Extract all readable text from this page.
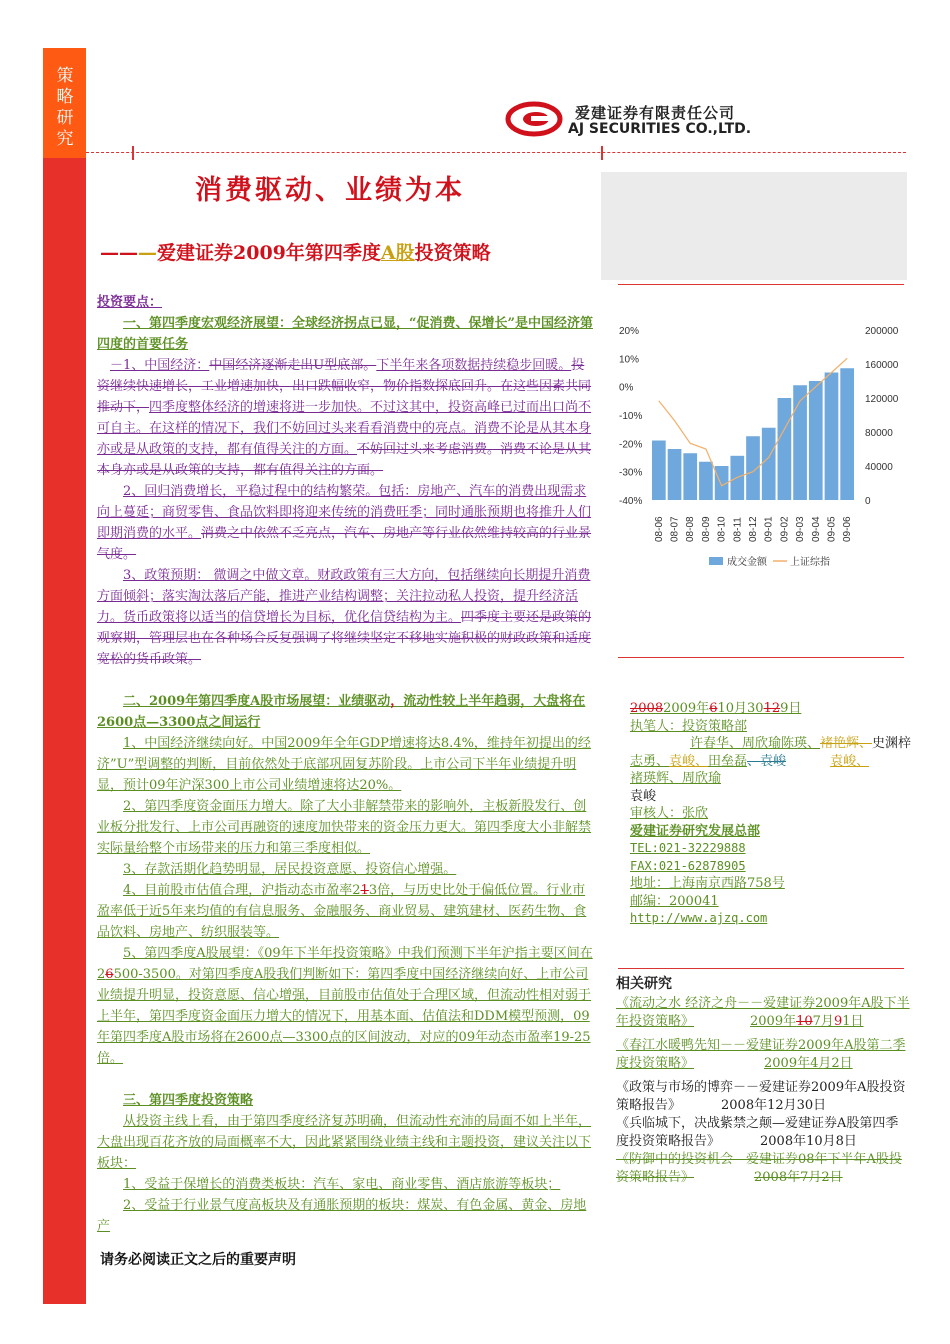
策
略
研
究
爱建证券有限责任公司
AJ SECURITIES CO.,LTD.
消费驱动、业绩为本
———爱建证券2009年第四季度A股投资策略

投资要点：

一、第四季度宏观经济展望：全球经济拐点已显，“促消费、保增长”是中国经济第四度的首要任务

－1、中国经济：中国经济逐渐走出U型底部。下半年来各项数据持续稳步回暖。投资继续快速增长，工业增速加快，出口跌幅收窄，物价指数探底回升。在这些因素共同推动下，四季度整体经济的增速将进一步加快。不过这其中，投资高峰已过而出口尚不可自主。在这样的情况下，我们不妨回过头来看看消费中的亮点。消费不论是从其本身亦或是从政策的支持，都有值得关注的方面。不妨回过头来考虑消费。消费不论是从其本身亦或是从政策的支持，都有值得关注的方面。

2、回归消费增长，平稳过程中的结构繁荣。包括：房地产、汽车的消费出现需求向上蔓延；商贸零售、食品饮料即将迎来传统的消费旺季；同时通胀预期也将推升人们即期消费的水平。消费之中依然不乏亮点，汽车、房地产等行业依然维持较高的行业景气度。

3、政策预期： 微调之中做文章。财政政策有三大方向，包括继续向长期提升消费方面倾斜；落实淘汰落后产能，推进产业结构调整；关注拉动私人投资，提升经济活力。货币政策将以适当的信贷增长为目标，优化信贷结构为主。四季度主要还是政策的观察期，管理层也在各种场合反复强调了将继续坚定不移地实施积极的财政政策和适度宽松的货币政策。

二、2009年第四季度A股市场展望：业绩驱动，流动性较上半年趋弱，大盘将在2600点—3300点之间运行

1、中国经济继续向好。中国2009年全年GDP增速将达8.4%，维持年初提出的经济”U”型调整的判断，目前依然处于底部巩固复苏阶段。上市公司下半年业绩提升明显，预计09年沪深300上市公司业绩增速将达20%。

2、第四季度资金面压力增大。除了大小非解禁带来的影响外，主板新股发行、创业板分批发行、上市公司再融资的速度加快带来的资金压力更大。第四季度大小非解禁实际量给整个市场带来的压力和第三季度相似。

3、存款活期化趋势明显，居民投资意愿、投资信心增强。

4、目前股市估值合理，沪指动态市盈率213倍，与历史比处于偏低位置。行业市盈率低于近5年来均值的有信息服务、金融服务、商业贸易、建筑建材、医药生物、食品饮料、房地产、纺织服装等。

5、第四季度A股展望：《09年下半年投资策略》中我们预测下半年沪指主要区间在26500-3500。对第四季度A股我们判断如下：第四季度中国经济继续向好、上市公司业绩提升明显，投资意愿、信心增强，目前股市估值处于合理区域，但流动性相对弱于上半年，第四季度资金面压力增大的情况下，用基本面、估值法和DDM模型预测，09年第四季度A股市场将在2600点—3300点的区间波动，对应的09年动态市盈率19-25倍。

三、第四季度投资策略

从投资主线上看，由于第四季度经济复苏明确，但流动性充沛的局面不如上半年，大盘出现百花齐放的局面概率不大，因此紧紧围绕业绩主线和主题投资，建议关注以下板块：

1、受益于保增长的消费类板块：汽车、家电、商业零售、酒店旅游等板块；

2、受益于行业景气度高板块及有通胀预期的板块：煤炭、有色金属、黄金、房地产

20%
10%
0%
-10%
-20%
-30%
-40%
200000
160000
120000
80000
40000
0
08-06 08-07 08-08 08-09 08-10 08-11 08-12 09-01 09-02 09-03 09-04 09-05 09-06
成交金额 上证综指

20082009年610月30129日

执笔人：投资策略部

许春华、周欣瑜陈瑛、褚艳辉、史渊梓

志勇、袁峻、田垒磊、袁峻	袁峻、

褚瑛辉、周欣瑜

袁峻

审核人：张欣

爱建证券研究发展总部

TEL:021-32229888

FAX:021-62878905

地址：上海南京西路758号

邮编：200041

http://www.ajzq.com

相关研究

《流动之水 经济之舟－－爱建证券2009年A股下半年投资策略》	2009年107月91日

《春江水暖鸭先知－－爱建证券2009年A股第二季度投资策略》	2009年4月2日

《政策与市场的博弈－－爱建证券2009年A股投资策略报告》	2008年12月30日

《兵临城下，决战紫禁之颠—爱建证券A股第四季度投资策略报告》	2008年10月8日

《防御中的投资机会—爱建证券08年下半年A股投资策略报告》	2008年7月2日

请务必阅读正文之后的重要声明
